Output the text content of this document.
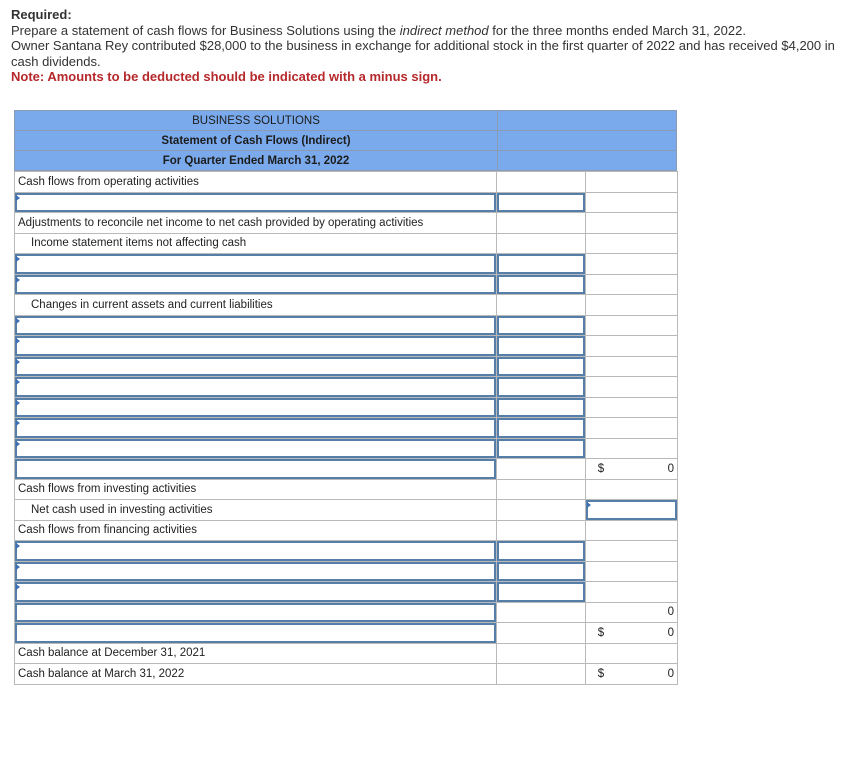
Required:
Prepare a statement of cash flows for Business Solutions using the indirect method for the three months ended March 31, 2022.
Owner Santana Rey contributed $28,000 to the business in exchange for additional stock in the first quarter of 2022 and has received $4,200 in cash dividends.
Note: Amounts to be deducted should be indicated with a minus sign.
BUSINESS SOLUTIONS
Statement of Cash Flows (Indirect)
For Quarter Ended March 31, 2022
Cash flows from operating activities		

Adjustments to reconcile net income to net cash provided by operating activities		
Income statement items not affecting cash		

Changes in current assets and current liabilities		

		$ 0

Cash flows from investing activities		
Net cash used in investing activities		
Cash flows from financing activities		

		0

		$ 0

Cash balance at December 31, 2021		
Cash balance at March 31, 2022		$ 0
